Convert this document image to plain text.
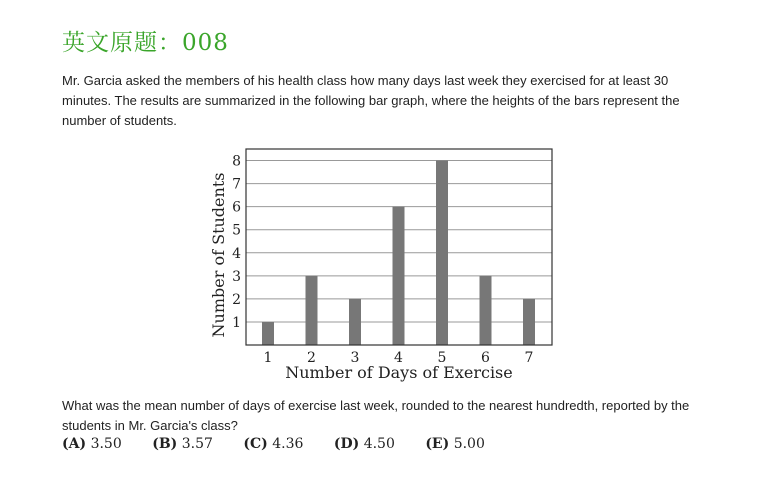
英文原题：008
Mr. Garcia asked the members of his health class how many days last week they exercised for at least 30 minutes. The results are summarized in the following bar graph, where the heights of the bars represent the number of students.
1
2
3
4
5
6
7
8
1 2 3 4 5 6 7
Number of Days of Exercise
Number of Students
What was the mean number of days of exercise last week, rounded to the nearest hundredth, reported by the students in Mr. Garcia's class?
(A) 3.50 (B) 3.57 (C) 4.36 (D) 4.50 (E) 5.00
